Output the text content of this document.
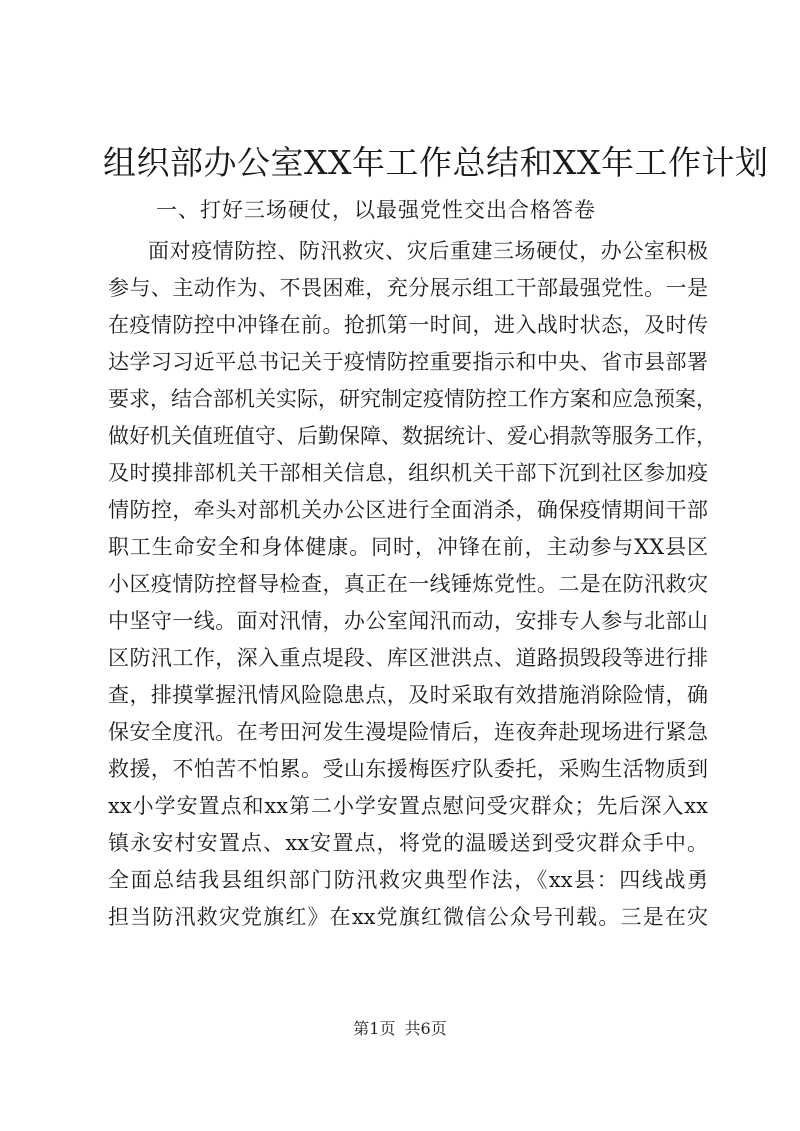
组织部办公室XX年工作总结和XX年工作计划
一、打好三场硬仗，以最强党性交出合格答卷
面对疫情防控、防汛救灾、灾后重建三场硬仗，办公室积极
参与、主动作为、不畏困难，充分展示组工干部最强党性。一是
在疫情防控中冲锋在前。抢抓第一时间，进入战时状态，及时传
达学习习近平总书记关于疫情防控重要指示和中央、省市县部署
要求，结合部机关实际，研究制定疫情防控工作方案和应急预案，
做好机关值班值守、后勤保障、数据统计、爱心捐款等服务工作，
及时摸排部机关干部相关信息，组织机关干部下沉到社区参加疫
情防控，牵头对部机关办公区进行全面消杀，确保疫情期间干部
职工生命安全和身体健康。同时，冲锋在前，主动参与XX县区
小区疫情防控督导检查，真正在一线锤炼党性。二是在防汛救灾
中坚守一线。面对汛情，办公室闻汛而动，安排专人参与北部山
区防汛工作，深入重点堤段、库区泄洪点、道路损毁段等进行排
查，排摸掌握汛情风险隐患点，及时采取有效措施消除险情，确
保安全度汛。在考田河发生漫堤险情后，连夜奔赴现场进行紧急
救援，不怕苦不怕累。受山东援梅医疗队委托，采购生活物质到
xx小学安置点和xx第二小学安置点慰问受灾群众；先后深入xx
镇永安村安置点、xx安置点，将党的温暖送到受灾群众手中。
全面总结我县组织部门防汛救灾典型作法，《xx县：四线战勇
担当防汛救灾党旗红》在xx党旗红微信公众号刊载。三是在灾
第1页 共6页
